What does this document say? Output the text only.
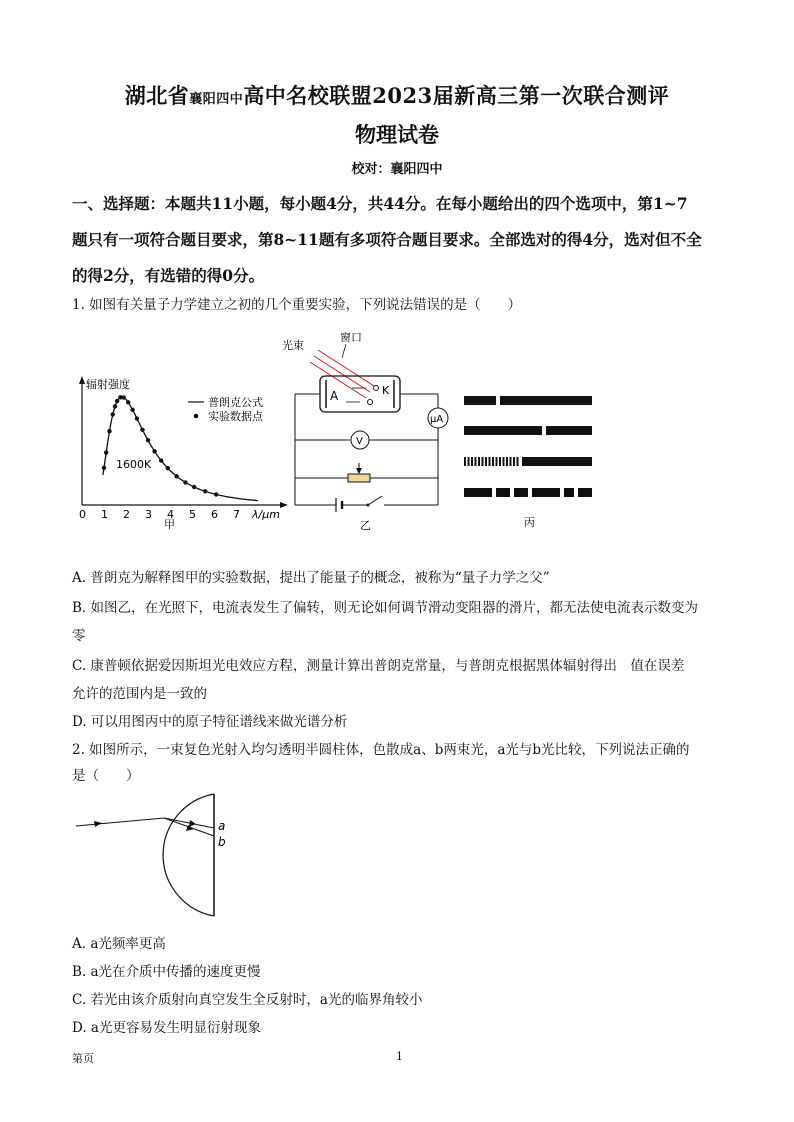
湖北省襄阳四中高中名校联盟2023届新高三第一次联合测评
物理试卷
校对：襄阳四中
一、选择题：本题共11小题，每小题4分，共44分。在每小题给出的四个选项中，第1~7
题只有一项符合题目要求，第8~11题有多项符合题目要求。全部选对的得4分，选对但不全
的得2分，有选错的得0分。
1. 如图有关量子力学建立之初的几个重要实验，下列说法错误的是（　　）
辐射强度
普朗克公式
实验数据点
1600K
0 1 2 3 4 5 6 7 λ/μm
甲
光束
窗口
A	K
μA
V
乙	丙
A. 普朗克为解释图甲的实验数据，提出了能量子的概念，被称为“量子力学之父”
B. 如图乙，在光照下，电流表发生了偏转，则无论如何调节滑动变阻器的滑片，都无法使电流表示数变为
零
C. 康普顿依据爱因斯坦光电效应方程，测量计算出普朗克常量，与普朗克根据黑体辐射得出　值在误差
允许的范围内是一致的
D. 可以用图丙中的原子特征谱线来做光谱分析
2. 如图所示，一束复色光射入均匀透明半圆柱体，色散成a、b两束光，a光与b光比较，下列说法正确的
是（　　）
a
b
A. a光频率更高
B. a光在介质中传播的速度更慢
C. 若光由该介质射向真空发生全反射时，a光的临界角较小
D. a光更容易发生明显衍射现象
第页	1
